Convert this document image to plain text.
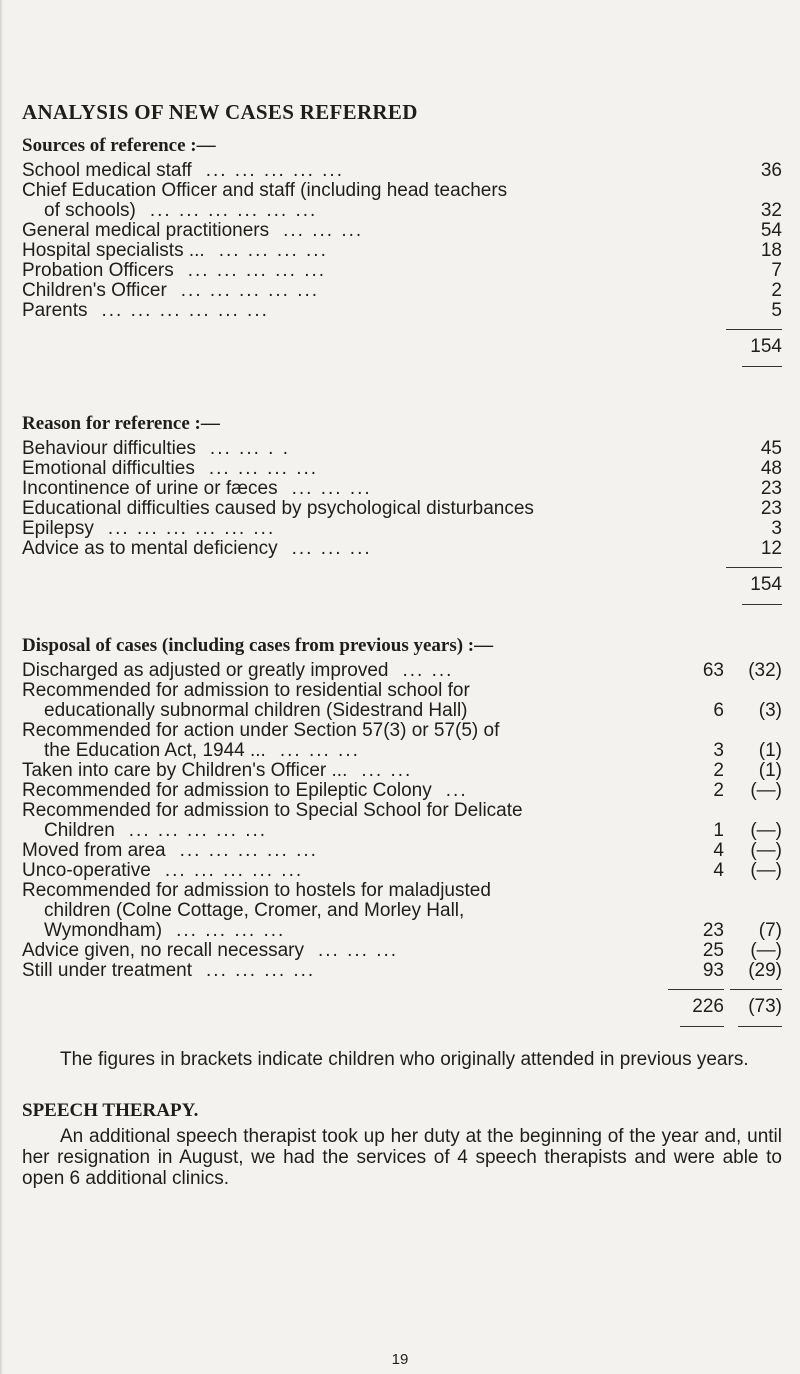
ANALYSIS OF NEW CASES REFERRED
Sources of reference :—
School medical staff ... ... ... ... ...	36
Chief Education Officer and staff (including head teachers
of schools) ... ... ... ... ... ...	32
General medical practitioners ... ... ...	54
Hospital specialists ... ... ... ... ...	18
Probation Officers ... ... ... ... ...	7
Children's Officer ... ... ... ... ...	2
Parents ... ... ... ... ... ...	5
154
Reason for reference :—
Behaviour difficulties ... ... . .	45
Emotional difficulties ... ... ... ...	48
Incontinence of urine or fæces ... ... ...	23
Educational difficulties caused by psychological disturbances	23
Epilepsy ... ... ... ... ... ...	3
Advice as to mental deficiency ... ... ...	12
154
Disposal of cases (including cases from previous years) :—
Discharged as adjusted or greatly improved ... ...	63	(32)
Recommended for admission to residential school for
educationally subnormal children (Sidestrand Hall)	6	(3)
Recommended for action under Section 57(3) or 57(5) of
the Education Act, 1944 ... ... ... ...	3	(1)
Taken into care by Children's Officer ... ... ...	2	(1)
Recommended for admission to Epileptic Colony ...	2	(—)
Recommended for admission to Special School for Delicate
Children ... ... ... ... ...	1	(—)
Moved from area ... ... ... ... ...	4	(—)
Unco-operative ... ... ... ... ...	4	(—)
Recommended for admission to hostels for maladjusted
children (Colne Cottage, Cromer, and Morley Hall,
Wymondham) ... ... ... ...	23	(7)
Advice given, no recall necessary ... ... ...	25	(—)
Still under treatment ... ... ... ...	93	(29)
226	(73)

The figures in brackets indicate children who originally attended in previous years.

SPEECH THERAPY.

An additional speech therapist took up her duty at the beginning of the year and, until her resignation in August, we had the services of 4 speech therapists and were able to open 6 additional clinics.

19
